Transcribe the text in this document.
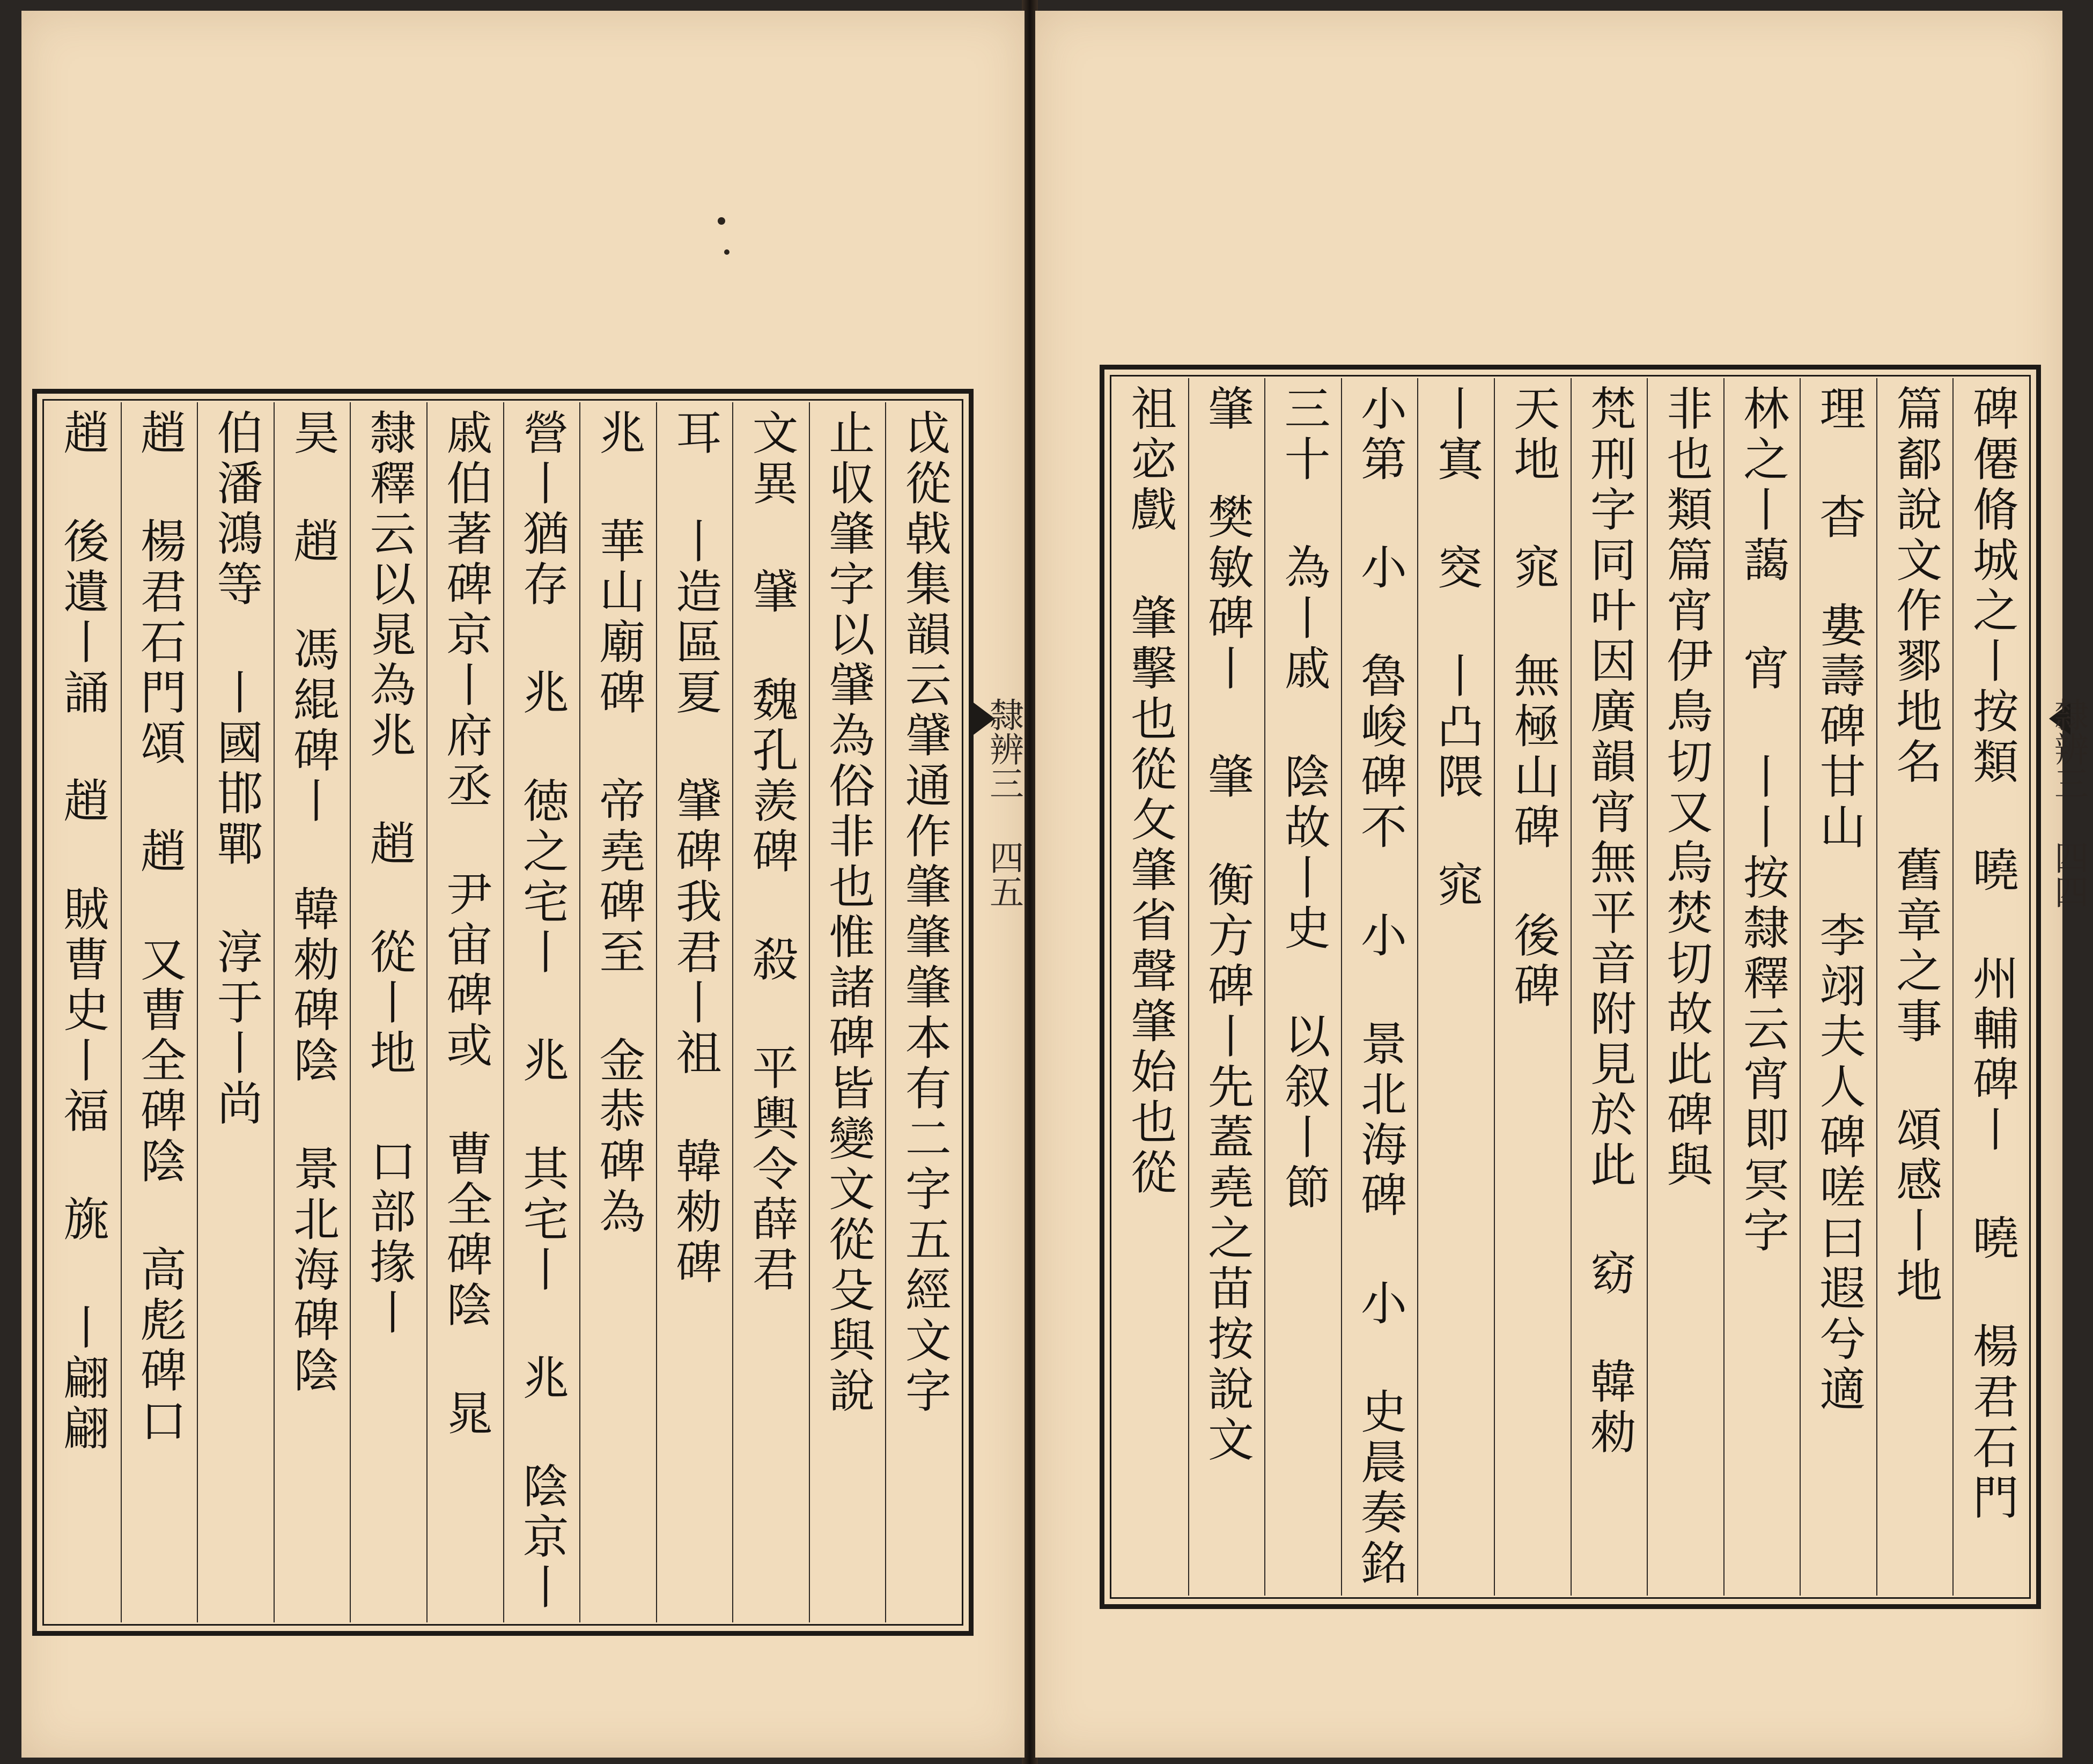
戉從㦸集韻云肈通作肇肇肇本有二字五經文字
止収肇字以肈為俗非也惟諸碑皆變文從殳與說
文異 肈 魏孔羨碑 殺 平輿令薛君
耳 丨造區夏 肈碑我君丨祖 韓勑碑
兆 華山廟碑 帝堯碑至 金恭碑為
營丨猶存 兆 徳之宅丨 兆 其宅丨 兆 陰京丨
戚伯著碑京丨府丞 尹宙碑或 曹全碑陰 晁
隸釋云以晁為兆 趙 從丨地 口部掾丨
昊 趙 馮緄碑丨 韓勑碑陰 景北海碑陰
伯潘鴻等 丨國邯鄲 淳于丨尚
趙 楊君石門頌 趙 又曹全碑陰 高彪碑口
趙 後遺丨誦 趙 賊曹史丨福 旐 丨翩翩	隸辨三 四五	碑僊脩城之丨按類 曉 州輔碑丨 曉 楊君石門
篇鄐說文作鄝地名 舊章之事 頌感丨地
理 杳 婁壽碑甘山 李翊夫人碑嗟曰遐兮適
林之丨藹 宵 丨丨按隸釋云宵即冥字
非也類篇宵伊鳥切又烏焚切故此碑與
梵刑字同叶因廣韻宵無平音附見於此 窈 韓勑
天地 窕 無極山碑 後碑
丨寘 窔 丨凸隈 窕
小第 小 魯峻碑不 小 景北海碑 小 史晨奏銘
三十 為丨戚 陰故丨史 以叙丨節
肇 樊敏碑丨 肇 衡方碑丨先蓋堯之苗按說文
祖宓戲 肇擊也從攵肇省聲肇始也從	隸辨三 四四
